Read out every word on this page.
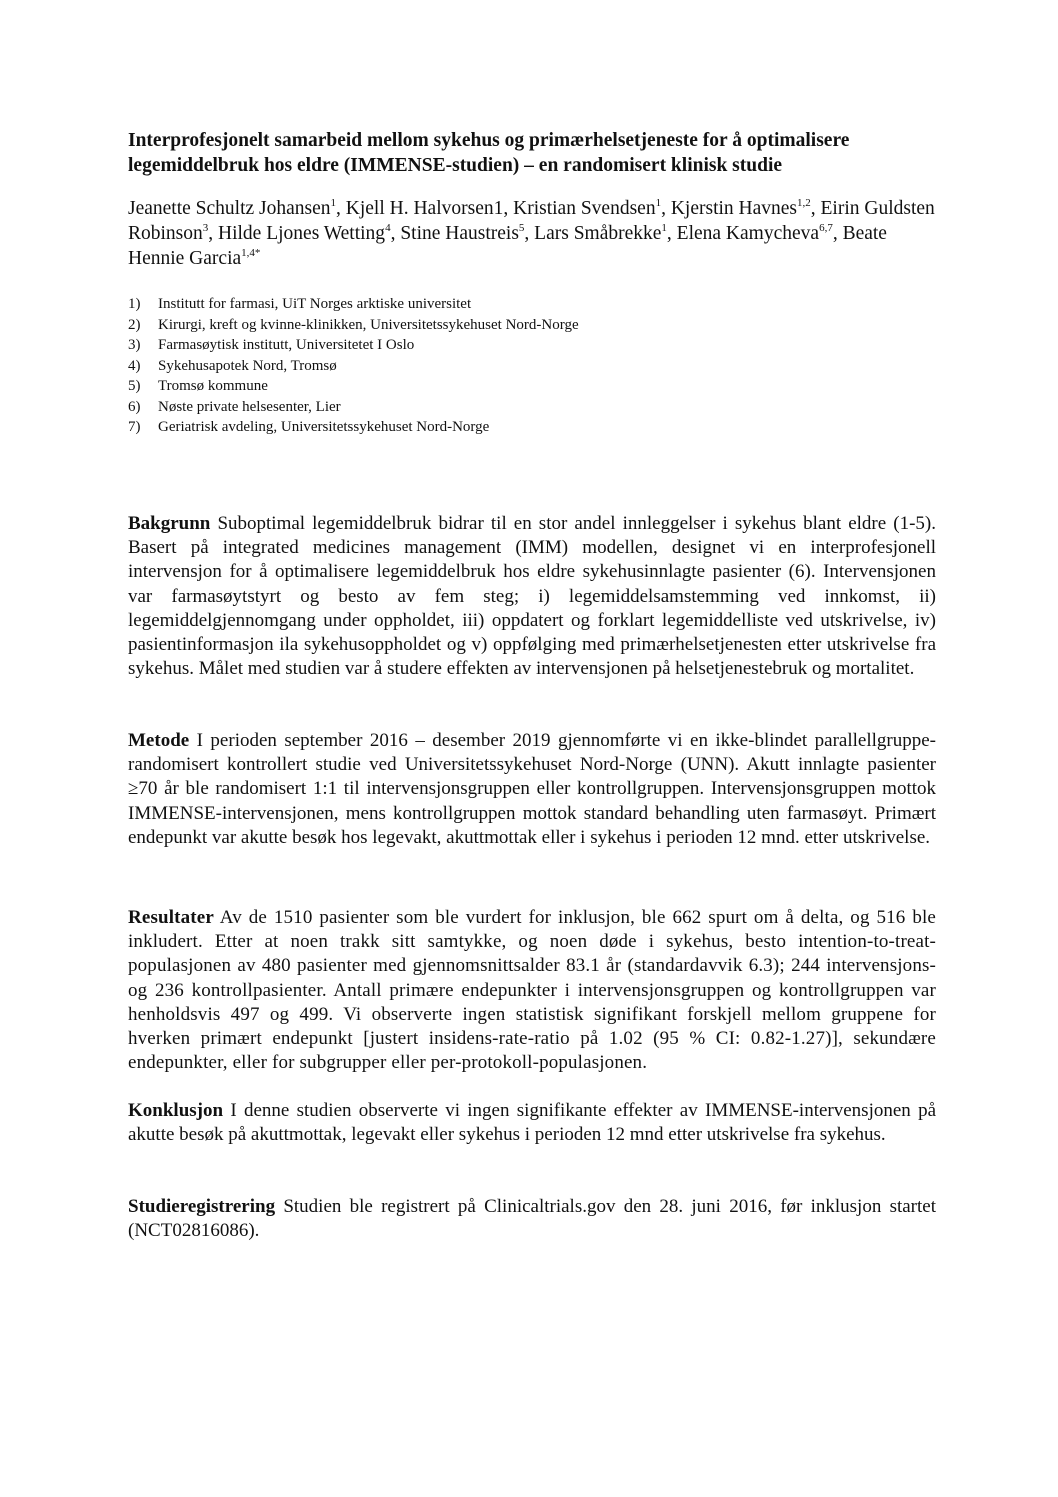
Interprofesjonelt samarbeid mellom sykehus og primærhelsetjeneste for å optimalisere
legemiddelbruk hos eldre (IMMENSE-studien) – en randomisert klinisk studie

Jeanette Schultz Johansen$^1$, Kjell H. Halvorsen1, Kristian Svendsen$^1$, Kjerstin Havnes$^{1,2}$, Eirin Guldsten Robinson$^3$, Hilde Ljones Wetting$^4$, Stine Haustreis$^5$, Lars Småbrekke$^1$, Elena Kamycheva$^{6,7}$, Beate Hennie Garcia$^{1,4*}$

1)	Institutt for farmasi, UiT Norges arktiske universitet
2)	Kirurgi, kreft og kvinne-klinikken, Universitetssykehuset Nord-Norge
3)	Farmasøytisk institutt, Universitetet I Oslo
4)	Sykehusapotek Nord, Tromsø
5)	Tromsø kommune
6)	Nøste private helsesenter, Lier
7)	Geriatrisk avdeling, Universitetssykehuset Nord-Norge

Bakgrunn Suboptimal legemiddelbruk bidrar til en stor andel innleggelser i sykehus blant eldre (1-5). Basert på integrated medicines management (IMM) modellen, designet vi en interprofesjonell intervensjon for å optimalisere legemiddelbruk hos eldre sykehusinnlagte pasienter (6). Intervensjonen var farmasøytstyrt og besto av fem steg; i) legemiddelsamstemming ved innkomst, ii) legemiddelgjennomgang under oppholdet, iii) oppdatert og forklart legemiddelliste ved utskrivelse, iv) pasientinformasjon ila sykehusoppholdet og v) oppfølging med primærhelsetjenesten etter utskrivelse fra sykehus. Målet med studien var å studere effekten av intervensjonen på helsetjenestebruk og mortalitet.

Metode I perioden september 2016 – desember 2019 gjennomførte vi en ikke-blindet parallellgruppe-randomisert kontrollert studie ved Universitetssykehuset Nord-Norge (UNN). Akutt innlagte pasienter ≥70 år ble randomisert 1:1 til intervensjonsgruppen eller kontrollgruppen. Intervensjonsgruppen mottok IMMENSE-intervensjonen, mens kontrollgruppen mottok standard behandling uten farmasøyt. Primært endepunkt var akutte besøk hos legevakt, akuttmottak eller i sykehus i perioden 12 mnd. etter utskrivelse.

Resultater Av de 1510 pasienter som ble vurdert for inklusjon, ble 662 spurt om å delta, og 516 ble inkludert. Etter at noen trakk sitt samtykke, og noen døde i sykehus, besto intention-to-treat-populasjonen av 480 pasienter med gjennomsnittsalder 83.1 år (standardavvik 6.3); 244 intervensjons- og 236 kontrollpasienter. Antall primære endepunkter i intervensjonsgruppen og kontrollgruppen var henholdsvis 497 og 499. Vi observerte ingen statistisk signifikant forskjell mellom gruppene for hverken primært endepunkt [justert insidens-rate-ratio på 1.02 (95 % CI: 0.82-1.27)], sekundære endepunkter, eller for subgrupper eller per-protokoll-populasjonen.

Konklusjon I denne studien observerte vi ingen signifikante effekter av IMMENSE-intervensjonen på akutte besøk på akuttmottak, legevakt eller sykehus i perioden 12 mnd etter utskrivelse fra sykehus.

Studieregistrering Studien ble registrert på Clinicaltrials.gov den 28. juni 2016, før inklusjon startet (NCT02816086).
